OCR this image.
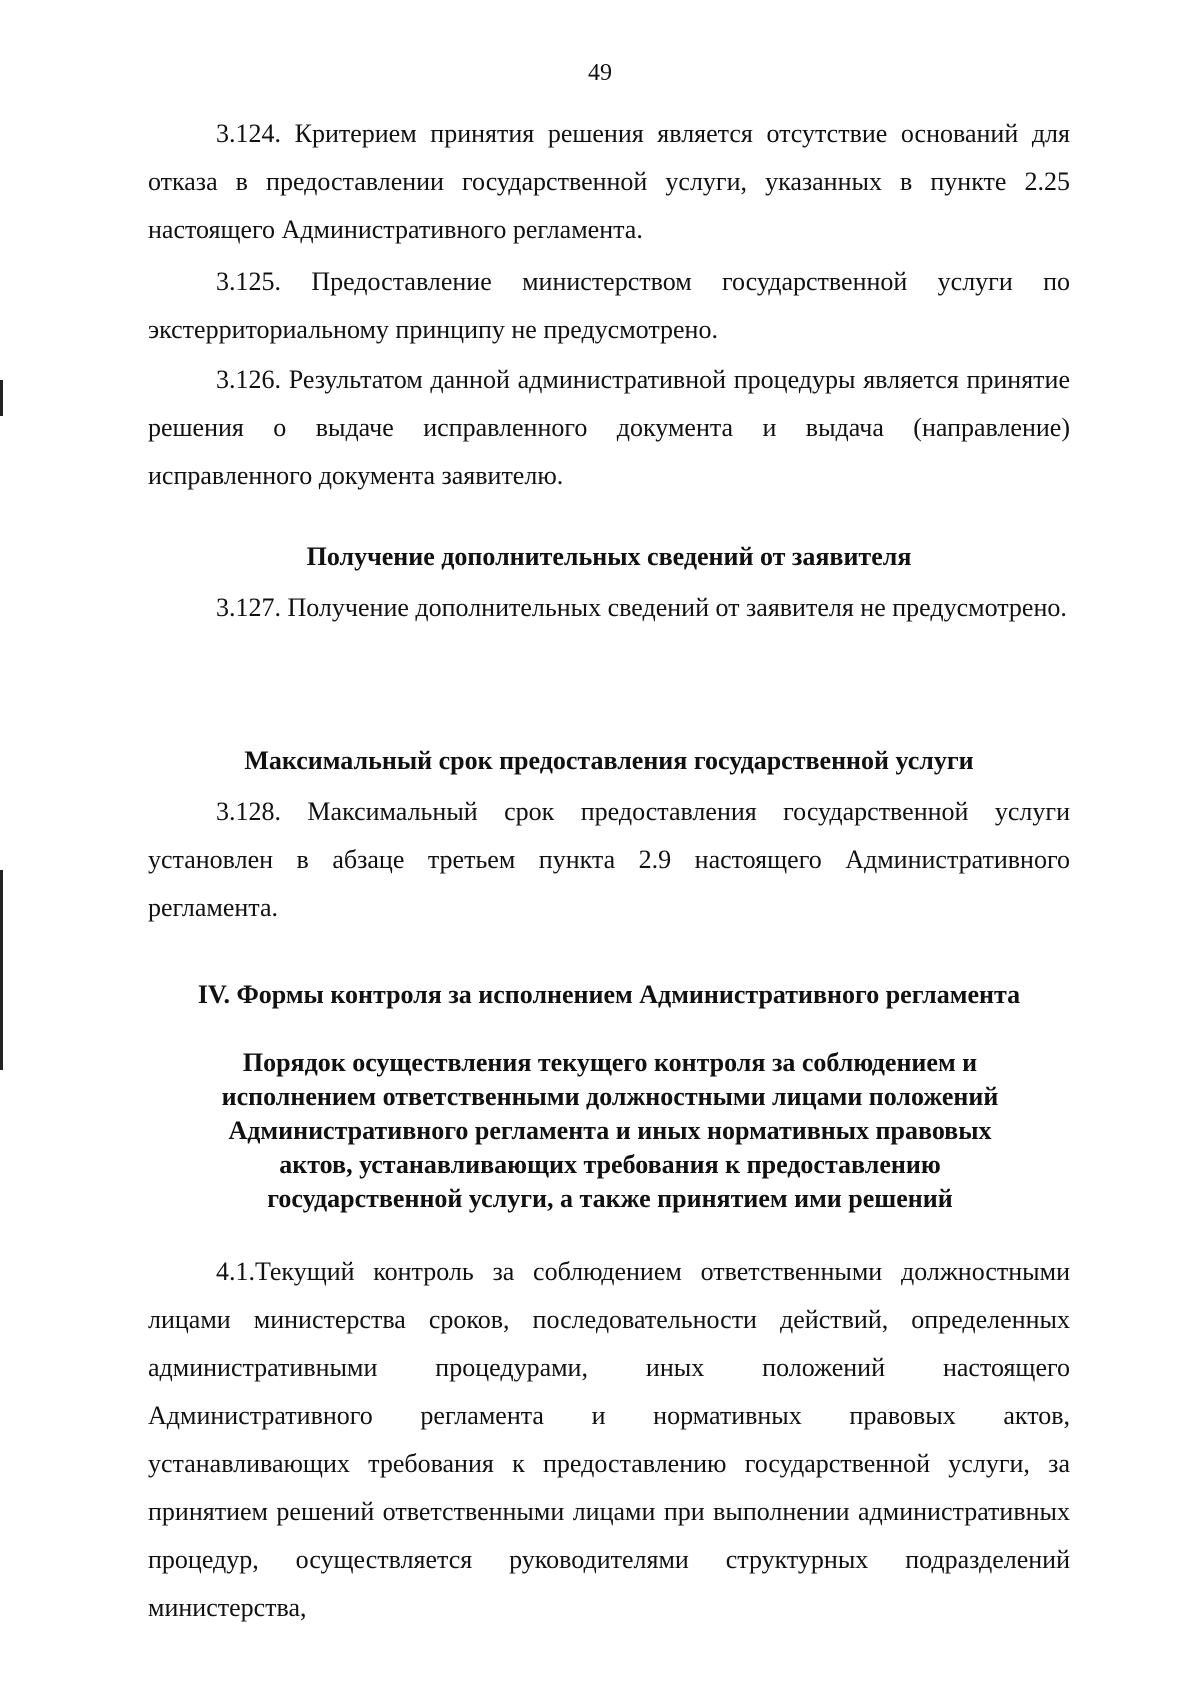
49

3.124. Критерием принятия решения является отсутствие оснований для отказа в предоставлении государственной услуги, указанных в пункте 2.25 настоящего Административного регламента.

3.125. Предоставление министерством государственной услуги по экстерриториальному принципу не предусмотрено.

3.126. Результатом данной административной процедуры является принятие решения о выдаче исправленного документа и выдача (направление) исправленного документа заявителю.

Получение дополнительных сведений от заявителя

3.127. Получение дополнительных сведений от заявителя не предусмотрено.

Максимальный срок предоставления государственной услуги

3.128. Максимальный срок предоставления государственной услуги установлен в абзаце третьем пункта 2.9 настоящего Административного регламента.

IV. Формы контроля за исполнением Административного регламента
Порядок осуществления текущего контроля за соблюдением и исполнением ответственными должностными лицами положений Административного регламента и иных нормативных правовых актов, устанавливающих требования к предоставлению государственной услуги, а также принятием ими решений

4.1.Текущий контроль за соблюдением ответственными должностными лицами министерства сроков, последовательности действий, определенных административными процедурами, иных положений настоящего Административного регламента и нормативных правовых актов, устанавливающих требования к предоставлению государственной услуги, за принятием решений ответственными лицами при выполнении административных процедур, осуществляется руководителями структурных подразделений министерства,
